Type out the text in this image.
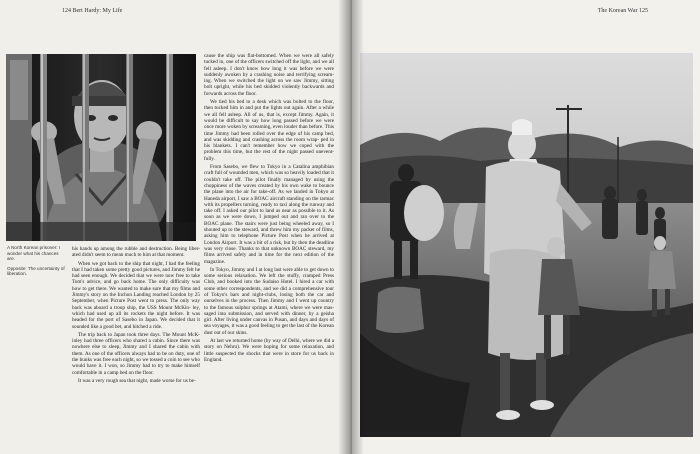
124 Bert Hardy: My Life

A North Korean prisoner: I wonder what his chances are.

Opposite: The uncertainty of liberation.

his hands up among the rubble and destruction. Being liber- ated didn't seem to mean much to him at that moment.

When we got back to the ship that night, I had the feeling that I had taken some pretty good pictures, and Jimmy felt he had seen enough. We decided that we were now free to take Tom's advice, and go back home. The only difficulty was how to get there. We wanted to make sure that my films and Jimmy's story on the Inchon Landing reached London by 25 September, when Picture Post went to press. The only way back was aboard a troop ship, the USS Mount McKin- ley, which had used up all its rockets the night before. It was headed for the port of Sasebo in Japan. We decided that it sounded like a good bet, and hitched a ride.

The trip back to Japan took three days. The Mount McK- inley had three officers who shared a cabin. Since there was nowhere else to sleep, Jimmy and I shared the cabin with them. As one of the officers always had to be on duty, one of the bunks was free each night, so we tossed a coin to see who would have it. I won, so Jimmy had to try to make himself comfortable in a camp bed on the floor.

It was a very rough sea that night, made worse for us be-

cause the ship was flat-bottomed. When we were all safely tucked in, one of the officers switched off the light, and we all fell asleep. I don't know how long it was before we were suddenly awoken by a crashing noise and terrifying scream- ing. When we switched the light on we saw Jimmy, sitting bolt upright, while his bed skidded violently backwards and forwards across the floor.

We tied his bed to a desk which was bolted to the floor, then tucked him in and put the lights out again. After a while we all fell asleep. All of us, that is, except Jimmy. Again, it would be difficult to say how long passed before we were once more woken by screaming, even louder than before. This time Jimmy had been rolled over the edge of his camp bed, and was skidding and crashing across the room wrap- ped in his blankets. I can't remember how we coped with the problem this time, but the rest of the night passed unevent- fully.

From Sasebo, we flew to Tokyo in a Catalina amphibian craft full of wounded men, which was so heavily loaded that it couldn't take off. The pilot finally managed by using the choppiness of the waves created by his own wake to bounce the plane into the air for take-off. As we landed in Tokyo at Haneda airport, I saw a BOAC aircraft standing on the tarmac with its propellers turning, ready to taxi along the runway and take off. I asked our pilot to land as near as possible to it. As soon as we were down, I jumped out and ran over to the BOAC plane. The stairs were just being wheeled away, so I shouted up to the steward, and threw him my packet of films, asking him to telephone Picture Post when he arrived at London Airport. It was a bit of a risk, but by then the deadline was very close. Thanks to that unknown BOAC steward, my films arrived safely and in time for the next edition of the magazine.

In Tokyo, Jimmy and I at long last were able to get down to some serious relaxation. We left the stuffy, cramped Press Club, and booked into the Sudaiso Hotel. I hired a car with some other correspondents, and we did a comprehensive tour of Tokyo's bars and night-clubs, losing both the car and ourselves in the process. Then Jimmy and I went up country to the famous sulphur springs at Atami, where we were mas- saged into submission, and served with dinner, by a geisha girl. After living under canvas in Pusan, and days and days of sea voyages, it was a good feeling to get the last of the Korean dust out of our skins.

At last we returned home (by way of Delhi, where we did a story on Nehru). We were hoping for some relaxation, and little suspected the shocks that were in store for us back in England.

The Korean War 125
